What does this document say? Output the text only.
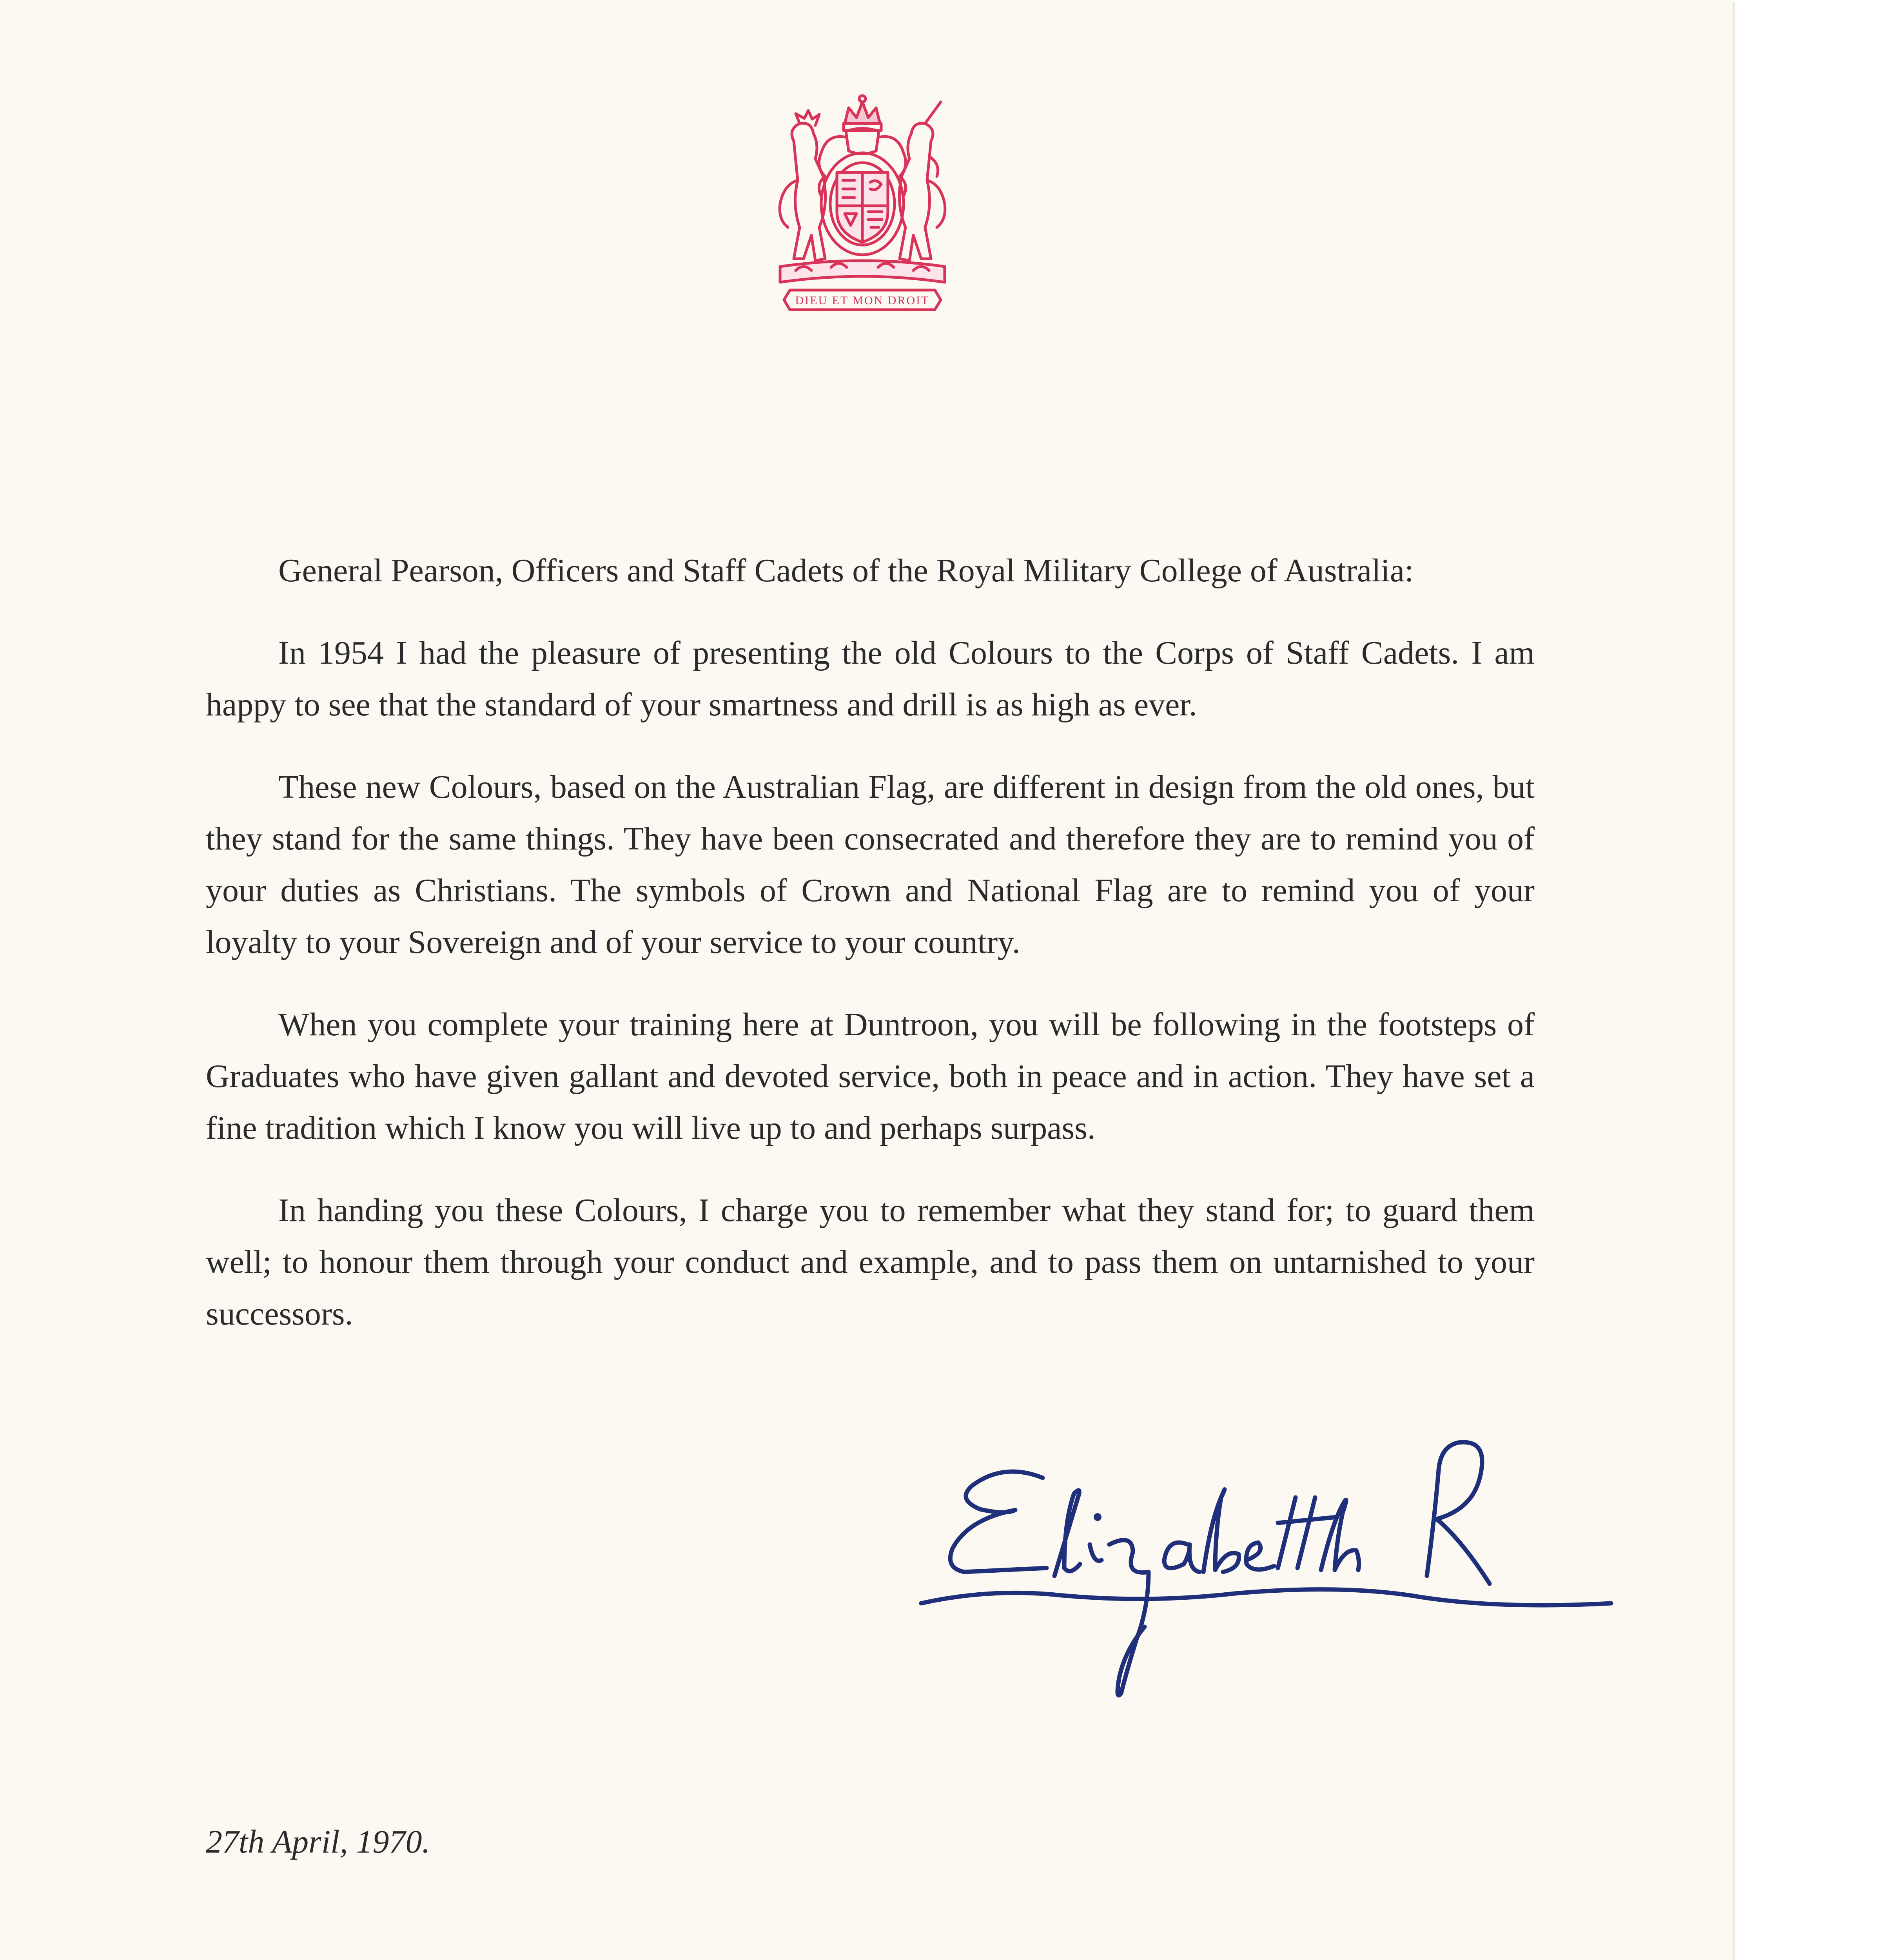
DIEU ET MON DROIT

General Pearson, Officers and Staff Cadets of the Royal Military College of Australia:

In 1954 I had the pleasure of presenting the old Colours to the Corps of Staff Cadets. I am happy to see that the standard of your smartness and drill is as high as ever.

These new Colours, based on the Australian Flag, are different in design from the old ones, but they stand for the same things. They have been consecrated and therefore they are to remind you of your duties as Christians. The symbols of Crown and National Flag are to remind you of your loyalty to your Sovereign and of your service to your country.

When you complete your training here at Duntroon, you will be following in the footsteps of Graduates who have given gallant and devoted service, both in peace and in action. They have set a fine tradition which I know you will live up to and perhaps surpass.

In handing you these Colours, I charge you to remember what they stand for; to guard them well; to honour them through your conduct and example, and to pass them on untarnished to your successors.

27th April, 1970.
